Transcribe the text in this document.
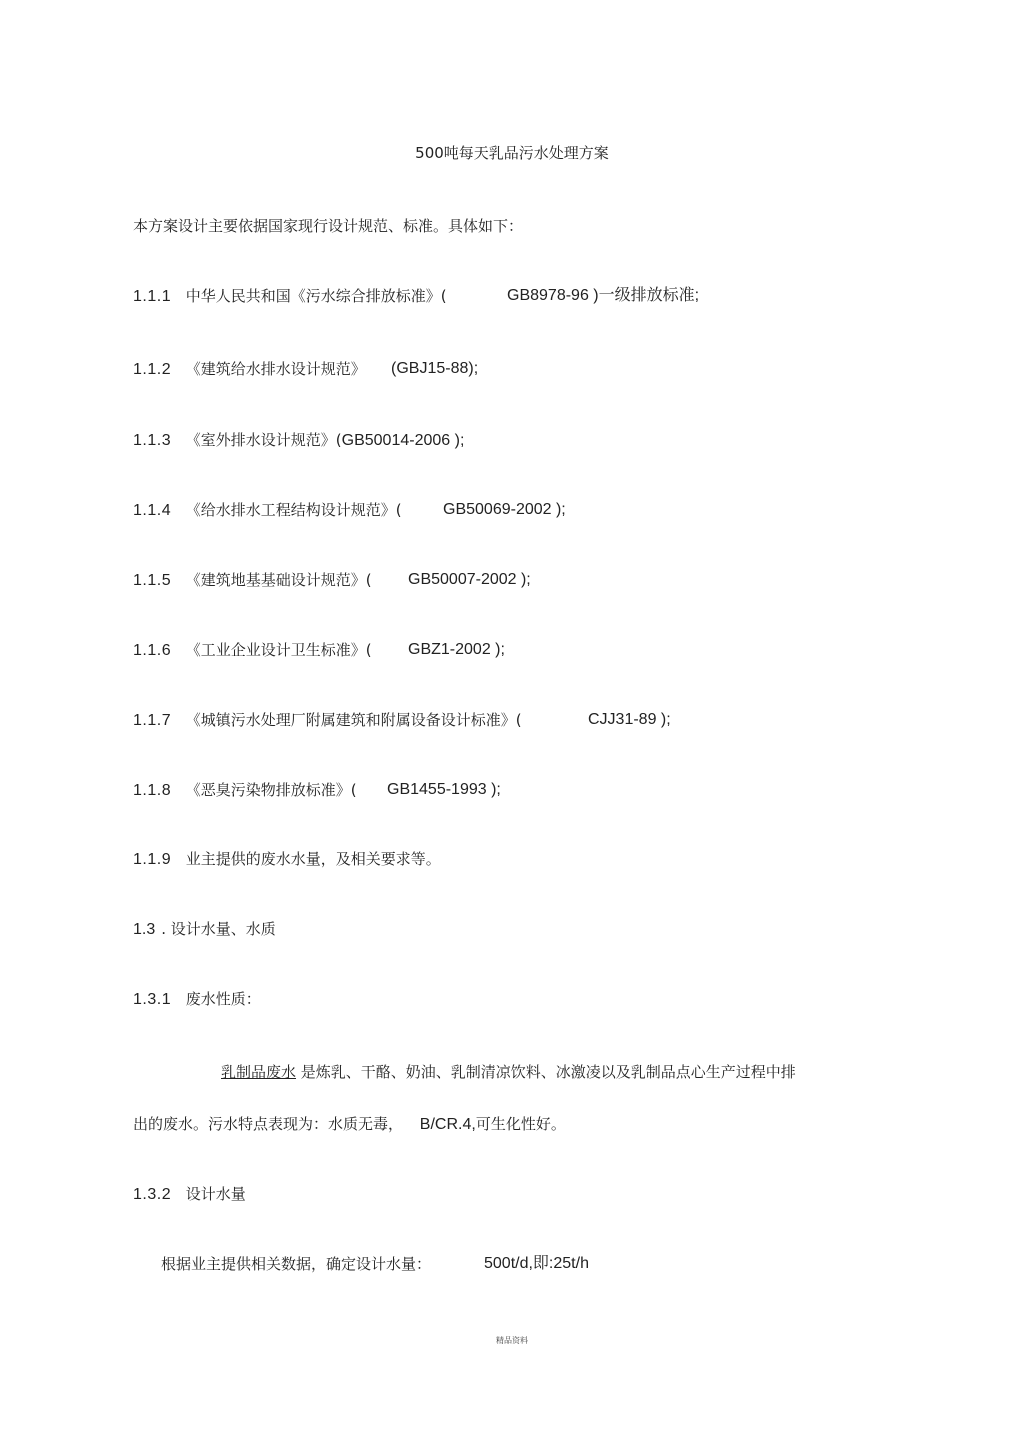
500吨每天乳品污水处理方案
本方案设计主要依据国家现行设计规范、标准。具体如下：
1.1.1 中华人民共和国《污水综合排放标准》(	GB8978-96 )一级排放标准;
1.1.2 《建筑给水排水设计规范》 (GBJ15-88);
1.1.3 《室外排水设计规范》(GB50014-2006 );
1.1.4 《给水排水工程结构设计规范》(	GB50069-2002 );
1.1.5 《建筑地基基础设计规范》( GB50007-2002 );
1.1.6 《工业企业设计卫生标准》( GBZ1-2002 );
1.1.7 《城镇污水处理厂附属建筑和附属设备设计标准》(	CJJ31-89 );
1.1.8 《恶臭污染物排放标准》( GB1455-1993 );
1.1.9 业主提供的废水水量，及相关要求等。
1.3 . 设计水量、水质
1.3.1 废水性质：
乳制品废水 是炼乳、干酪、奶油、乳制清凉饮料、冰激凌以及乳制品点心生产过程中排
出的废水。污水特点表现为：水质无毒， B/CR.4,可生化性好。
1.3.2 设计水量
根据业主提供相关数据，确定设计水量：	500t/d,即:25t/h
精品资料
